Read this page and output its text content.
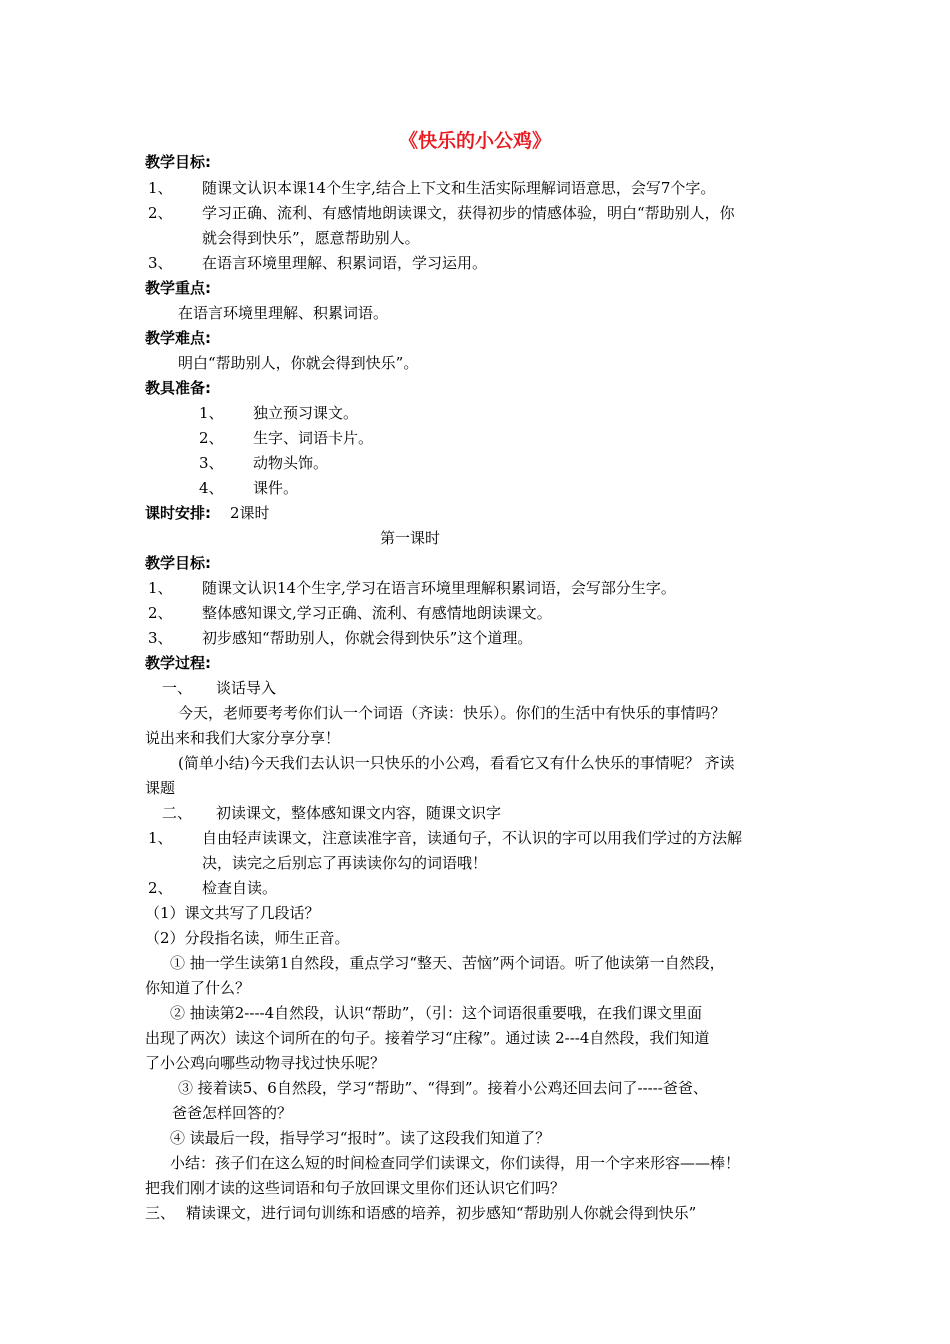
《快乐的小公鸡》
教学目标:
1、 随课文认识本课14个生字,结合上下文和生活实际理解词语意思，会写7个字。
2、 学习正确、流利、有感情地朗读课文，获得初步的情感体验，明白“帮助别人，你
就会得到快乐”，愿意帮助别人。
3、 在语言环境里理解、积累词语，学习运用。
教学重点:
在语言环境里理解、积累词语。
教学难点:
明白“帮助别人，你就会得到快乐”。
教具准备:
1、 独立预习课文。
2、 生字、词语卡片。
3、 动物头饰。
4、 课件。
课时安排: 2课时
第一课时
教学目标:
1、 随课文认识14个生字,学习在语言环境里理解积累词语，会写部分生字。
2、 整体感知课文,学习正确、流利、有感情地朗读课文。
3、 初步感知“帮助别人，你就会得到快乐”这个道理。
教学过程:
一、 谈话导入
今天，老师要考考你们认一个词语（齐读：快乐）。你们的生活中有快乐的事情吗？
说出来和我们大家分享分享！
(简单小结)今天我们去认识一只快乐的小公鸡，看看它又有什么快乐的事情呢？ 齐读
课题
二、 初读课文，整体感知课文内容，随课文识字
1、 自由轻声读课文，注意读准字音，读通句子，不认识的字可以用我们学过的方法解
决，读完之后别忘了再读读你勾的词语哦！
2、 检查自读。
（1）课文共写了几段话？
（2）分段指名读，师生正音。
① 抽一学生读第1自然段，重点学习“整天、苦恼”两个词语。听了他读第一自然段，
你知道了什么？
② 抽读第2----4自然段，认识“帮助”，（引：这个词语很重要哦，在我们课文里面
出现了两次）读这个词所在的句子。接着学习“庄稼”。通过读 2---4自然段，我们知道
了小公鸡向哪些动物寻找过快乐呢？
③ 接着读5、6自然段，学习“帮助”、“得到”。接着小公鸡还回去问了-----爸爸、
爸爸怎样回答的？
④ 读最后一段，指导学习“报时”。读了这段我们知道了？
小结：孩子们在这么短的时间检查同学们读课文，你们读得，用一个字来形容——棒！
把我们刚才读的这些词语和句子放回课文里你们还认识它们吗？
三、 精读课文，进行词句训练和语感的培养，初步感知“帮助别人你就会得到快乐”
